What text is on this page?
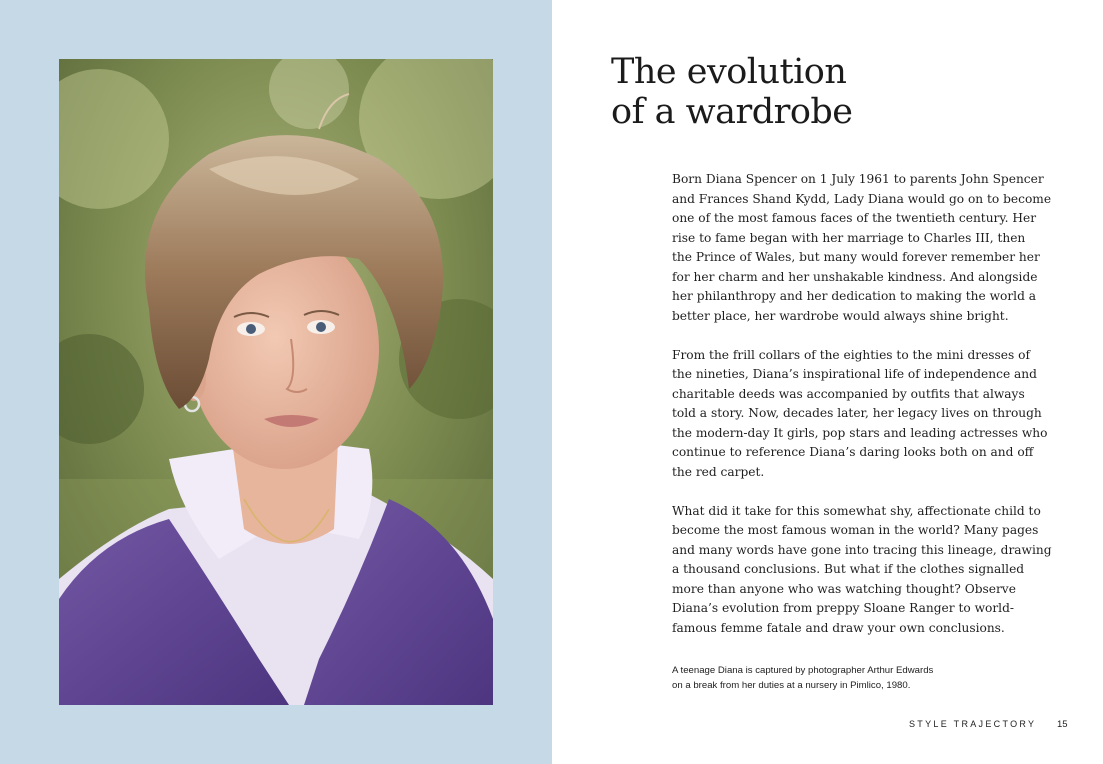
The evolution
of a wardrobe

Born Diana Spencer on 1 July 1961 to parents John Spencer
and Frances Shand Kydd, Lady Diana would go on to become
one of the most famous faces of the twentieth century. Her
rise to fame began with her marriage to Charles III, then
the Prince of Wales, but many would forever remember her
for her charm and her unshakable kindness. And alongside
her philanthropy and her dedication to making the world a
better place, her wardrobe would always shine bright.

From the frill collars of the eighties to the mini dresses of
the nineties, Diana’s inspirational life of independence and
charitable deeds was accompanied by outfits that always
told a story. Now, decades later, her legacy lives on through
the modern-day It girls, pop stars and leading actresses who
continue to reference Diana’s daring looks both on and off
the red carpet.

What did it take for this somewhat shy, affectionate child to
become the most famous woman in the world? Many pages
and many words have gone into tracing this lineage, drawing
a thousand conclusions. But what if the clothes signalled
more than anyone who was watching thought? Observe
Diana’s evolution from preppy Sloane Ranger to world-
famous femme fatale and draw your own conclusions.

A teenage Diana is captured by photographer Arthur Edwards
on a break from her duties at a nursery in Pimlico, 1980.
STYLE TRAJECTORY 15
